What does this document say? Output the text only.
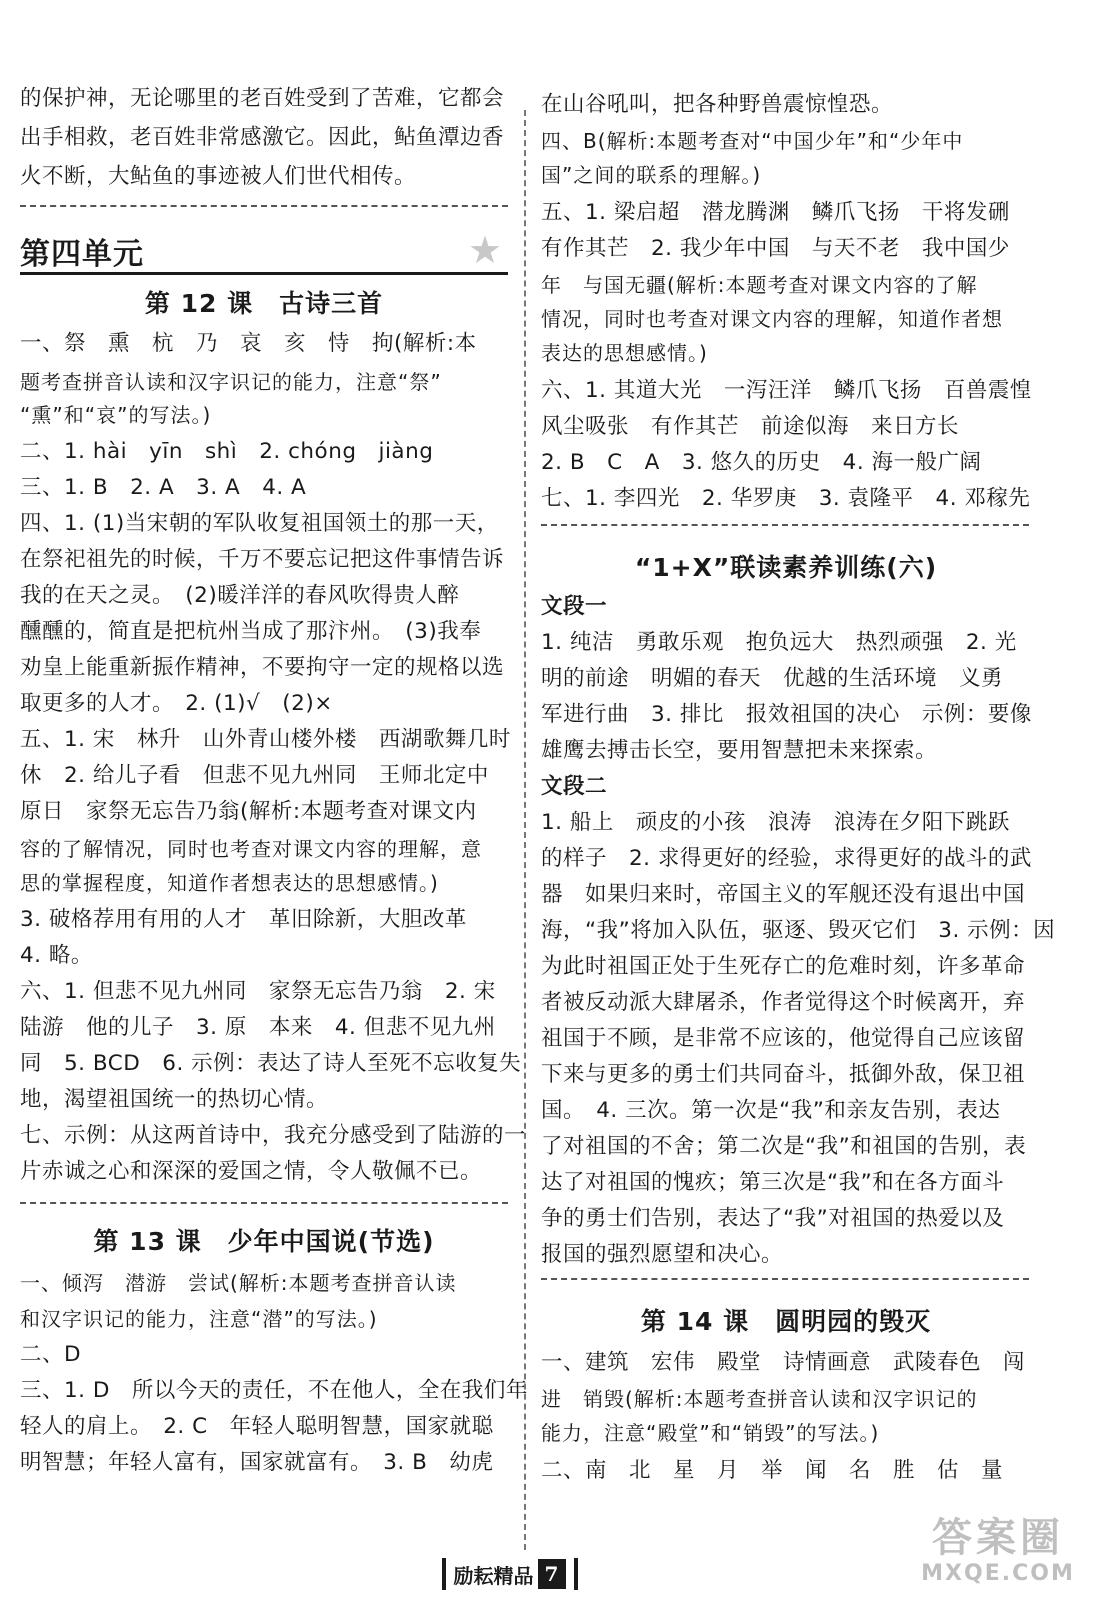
的保护神，无论哪里的老百姓受到了苦难，它都会
出手相救，老百姓非常感激它。因此，鲇鱼潭边香
火不断，大鲇鱼的事迹被人们世代相传。
第四单元	★
第 12 课　古诗三首
一、祭　熏　杭　乃　哀　亥　恃　拘(解析:本
题考查拼音认读和汉字识记的能力，注意“祭”
“熏”和“哀”的写法。)
二、1. hài　yīn　shì　2. chóng　jiàng
三、1. B　2. A　3. A　4. A
四、1. (1)当宋朝的军队收复祖国领土的那一天，
在祭祀祖先的时候，千万不要忘记把这件事情告诉
我的在天之灵。　(2)暖洋洋的春风吹得贵人醉
醺醺的，简直是把杭州当成了那汴州。　(3)我奉
劝皇上能重新振作精神，不要拘守一定的规格以选
取更多的人才。　2. (1)√　(2)×
五、1. 宋　林升　山外青山楼外楼　西湖歌舞几时
休　2. 给儿子看　但悲不见九州同　王师北定中
原日　家祭无忘告乃翁(解析:本题考查对课文内
容的了解情况，同时也考查对课文内容的理解，意
思的掌握程度，知道作者想表达的思想感情。)
3. 破格荐用有用的人才　革旧除新，大胆改革
4. 略。
六、1. 但悲不见九州同　家祭无忘告乃翁　2. 宋
陆游　他的儿子　3. 原　本来　4. 但悲不见九州
同　5. BCD　6. 示例：表达了诗人至死不忘收复失
地，渴望祖国统一的热切心情。
七、示例：从这两首诗中，我充分感受到了陆游的一
片赤诚之心和深深的爱国之情，令人敬佩不已。
第 13 课　少年中国说(节选)
一、倾泻　潜游　尝试(解析:本题考查拼音认读
和汉字识记的能力，注意“潜”的写法。)
二、D
三、1. D　所以今天的责任，不在他人，全在我们年
轻人的肩上。　2. C　年轻人聪明智慧，国家就聪
明智慧；年轻人富有，国家就富有。　3. B　幼虎
在山谷吼叫，把各种野兽震惊惶恐。
四、B(解析:本题考查对“中国少年”和“少年中
国”之间的联系的理解。)
五、1. 梁启超　潜龙腾渊　鳞爪飞扬　干将发硎
有作其芒　2. 我少年中国　与天不老　我中国少
年　与国无疆(解析:本题考查对课文内容的了解
情况，同时也考查对课文内容的理解，知道作者想
表达的思想感情。)
六、1. 其道大光　一泻汪洋　鳞爪飞扬　百兽震惶
风尘吸张　有作其芒　前途似海　来日方长
2. B　C　A　3. 悠久的历史　4. 海一般广阔
七、1. 李四光　2. 华罗庚　3. 袁隆平　4. 邓稼先
“1+X”联读素养训练(六)
文段一
1. 纯洁　勇敢乐观　抱负远大　热烈顽强　2. 光
明的前途　明媚的春天　优越的生活环境　义勇
军进行曲　3. 排比　报效祖国的决心　示例：要像
雄鹰去搏击长空，要用智慧把未来探索。
文段二
1. 船上　顽皮的小孩　浪涛　浪涛在夕阳下跳跃
的样子　2. 求得更好的经验，求得更好的战斗的武
器　如果归来时，帝国主义的军舰还没有退出中国
海，“我”将加入队伍，驱逐、毁灭它们　3. 示例：因
为此时祖国正处于生死存亡的危难时刻，许多革命
者被反动派大肆屠杀，作者觉得这个时候离开，弃
祖国于不顾，是非常不应该的，他觉得自己应该留
下来与更多的勇士们共同奋斗，抵御外敌，保卫祖
国。　4. 三次。第一次是“我”和亲友告别，表达
了对祖国的不舍；第二次是“我”和祖国的告别，表
达了对祖国的愧疚；第三次是“我”和在各方面斗
争的勇士们告别，表达了“我”对祖国的热爱以及
报国的强烈愿望和决心。
第 14 课　圆明园的毁灭
一、建筑　宏伟　殿堂　诗情画意　武陵春色　闯
进　销毁(解析:本题考查拼音认读和汉字识记的
能力，注意“殿堂”和“销毁”的写法。)
二、南　北　星　月　举　闻　名　胜　估　量
励耘精品 7
答案圈
MXQE.COM
